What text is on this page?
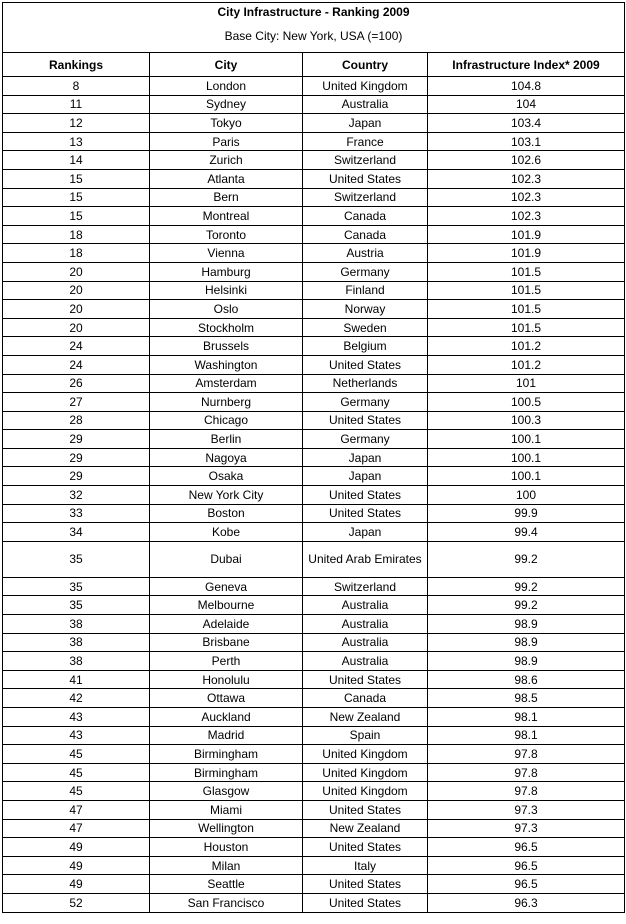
City Infrastructure - Ranking 2009			
Base City: New York, USA (=100)			
Rankings	City	Country	Infrastructure Index* 2009
8	London	United Kingdom	104.8
11	Sydney	Australia	104
12	Tokyo	Japan	103.4
13	Paris	France	103.1
14	Zurich	Switzerland	102.6
15	Atlanta	United States	102.3
15	Bern	Switzerland	102.3
15	Montreal	Canada	102.3
18	Toronto	Canada	101.9
18	Vienna	Austria	101.9
20	Hamburg	Germany	101.5
20	Helsinki	Finland	101.5
20	Oslo	Norway	101.5
20	Stockholm	Sweden	101.5
24	Brussels	Belgium	101.2
24	Washington	United States	101.2
26	Amsterdam	Netherlands	101
27	Nurnberg	Germany	100.5
28	Chicago	United States	100.3
29	Berlin	Germany	100.1
29	Nagoya	Japan	100.1
29	Osaka	Japan	100.1
32	New York City	United States	100
33	Boston	United States	99.9
34	Kobe	Japan	99.4
35	Dubai	United Arab Emirates	99.2
35	Geneva	Switzerland	99.2
35	Melbourne	Australia	99.2
38	Adelaide	Australia	98.9
38	Brisbane	Australia	98.9
38	Perth	Australia	98.9
41	Honolulu	United States	98.6
42	Ottawa	Canada	98.5
43	Auckland	New Zealand	98.1
43	Madrid	Spain	98.1
45	Birmingham	United Kingdom	97.8
45	Birmingham	United Kingdom	97.8
45	Glasgow	United Kingdom	97.8
47	Miami	United States	97.3
47	Wellington	New Zealand	97.3
49	Houston	United States	96.5
49	Milan	Italy	96.5
49	Seattle	United States	96.5
52	San Francisco	United States	96.3
